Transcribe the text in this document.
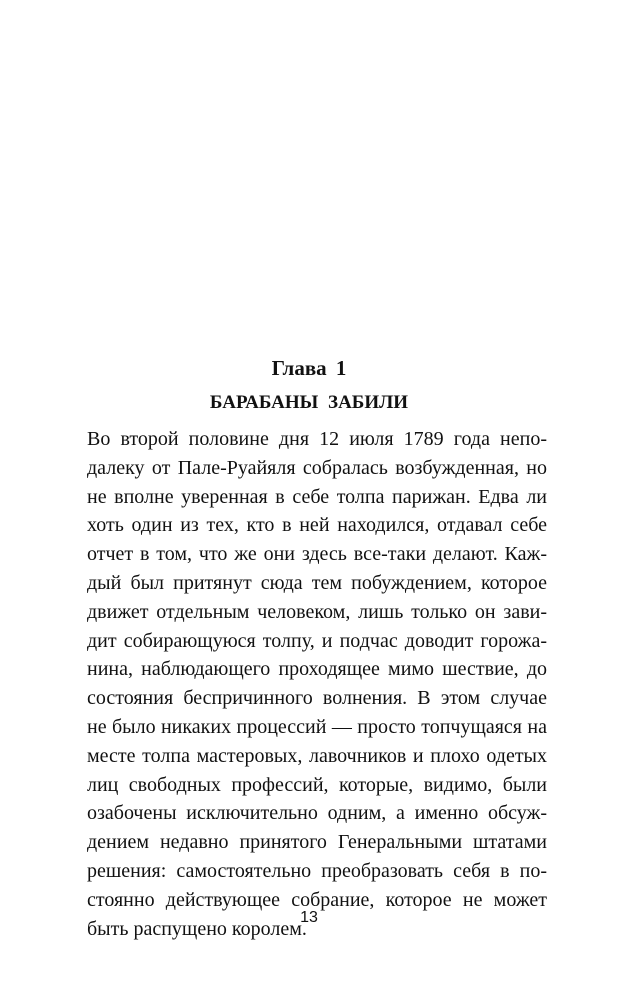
Глава 1
БАРАБАНЫ ЗАБИЛИ
Во второй половине дня 12 июля 1789 года непо-
далеку от Пале-Руайяля собралась возбужденная, но
не вполне уверенная в себе толпа парижан. Едва ли
хоть один из тех, кто в ней находился, отдавал себе
отчет в том, что же они здесь все-таки делают. Каж-
дый был притянут сюда тем побуждением, которое
движет отдельным человеком, лишь только он зави-
дит собирающуюся толпу, и подчас доводит горожа-
нина, наблюдающего проходящее мимо шествие, до
состояния беспричинного волнения. В этом случае
не было никаких процессий — просто топчущаяся на
месте толпа мастеровых, лавочников и плохо одетых
лиц свободных профессий, которые, видимо, были
озабочены исключительно одним, а именно обсуж-
дением недавно принятого Генеральными штатами
решения: самостоятельно преобразовать себя в по-
стоянно действующее собрание, которое не может
быть распущено королем.
13
